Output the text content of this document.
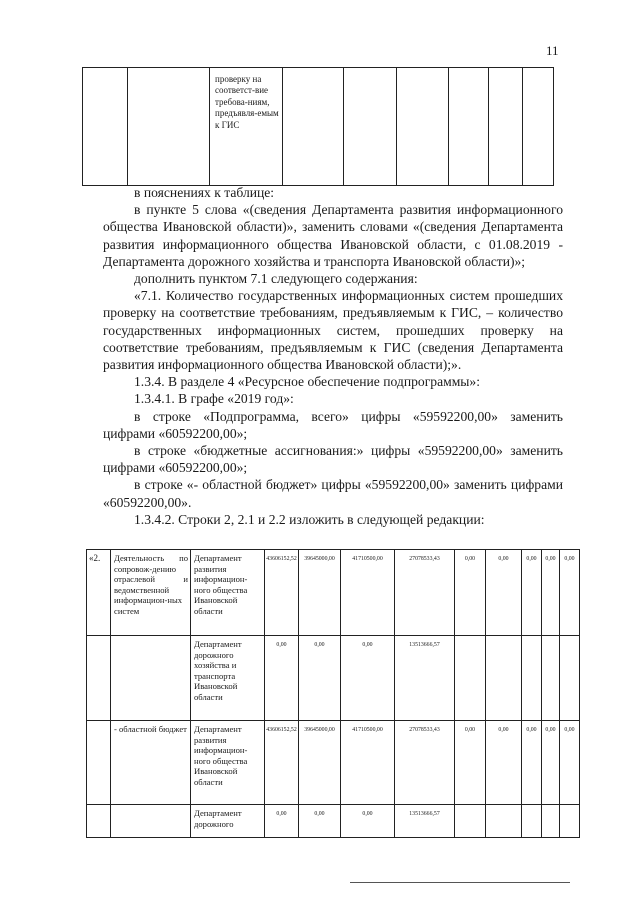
11
		проверку на соответст-вие требова-ниям, предъявля-емым к ГИС						

в пояснениях к таблице:

в пункте 5 слова «(сведения Департамента развития информационного общества Ивановской области)», заменить словами «(сведения Департамента развития информационного общества Ивановской области, с 01.08.2019 - Департамента дорожного хозяйства и транспорта Ивановской области)»;

дополнить пунктом 7.1 следующего содержания:

«7.1. Количество государственных информационных систем прошедших проверку на соответствие требованиям, предъявляемым к ГИС, – количество государственных информационных систем, прошедших проверку на соответствие требованиям, предъявляемым к ГИС (сведения Департамента развития информационного общества Ивановской области);».

1.3.4. В разделе 4 «Ресурсное обеспечение подпрограммы»:

1.3.4.1. В графе «2019 год»:

в строке «Подпрограмма, всего» цифры «59592200,00» заменить цифрами «60592200,00»;

в строке «бюджетные ассигнования:» цифры «59592200,00» заменить цифрами «60592200,00»;

в строке «- областной бюджет» цифры «59592200,00» заменить цифрами «60592200,00».

1.3.4.2. Строки 2, 2.1 и 2.2 изложить в следующей редакции:

«2.	Деятельность по сопровож-дению отраслевой и ведомственной информацион-ных систем	Департамент развития информацион-ного общества Ивановской области	43606152,52	39645000,00	41710500,00	27078533,43	0,00	0,00	0,00	0,00	0,00
		Департамент дорожного хозяйства и транспорта Ивановской области	0,00	0,00	0,00	13513666,57					
	- областной бюджет	Департамент развития информацион-ного общества Ивановской области	43606152,52	39645000,00	41710500,00	27078533,43	0,00	0,00	0,00	0,00	0,00
		Департамент дорожного	0,00	0,00	0,00	13513666,57					
